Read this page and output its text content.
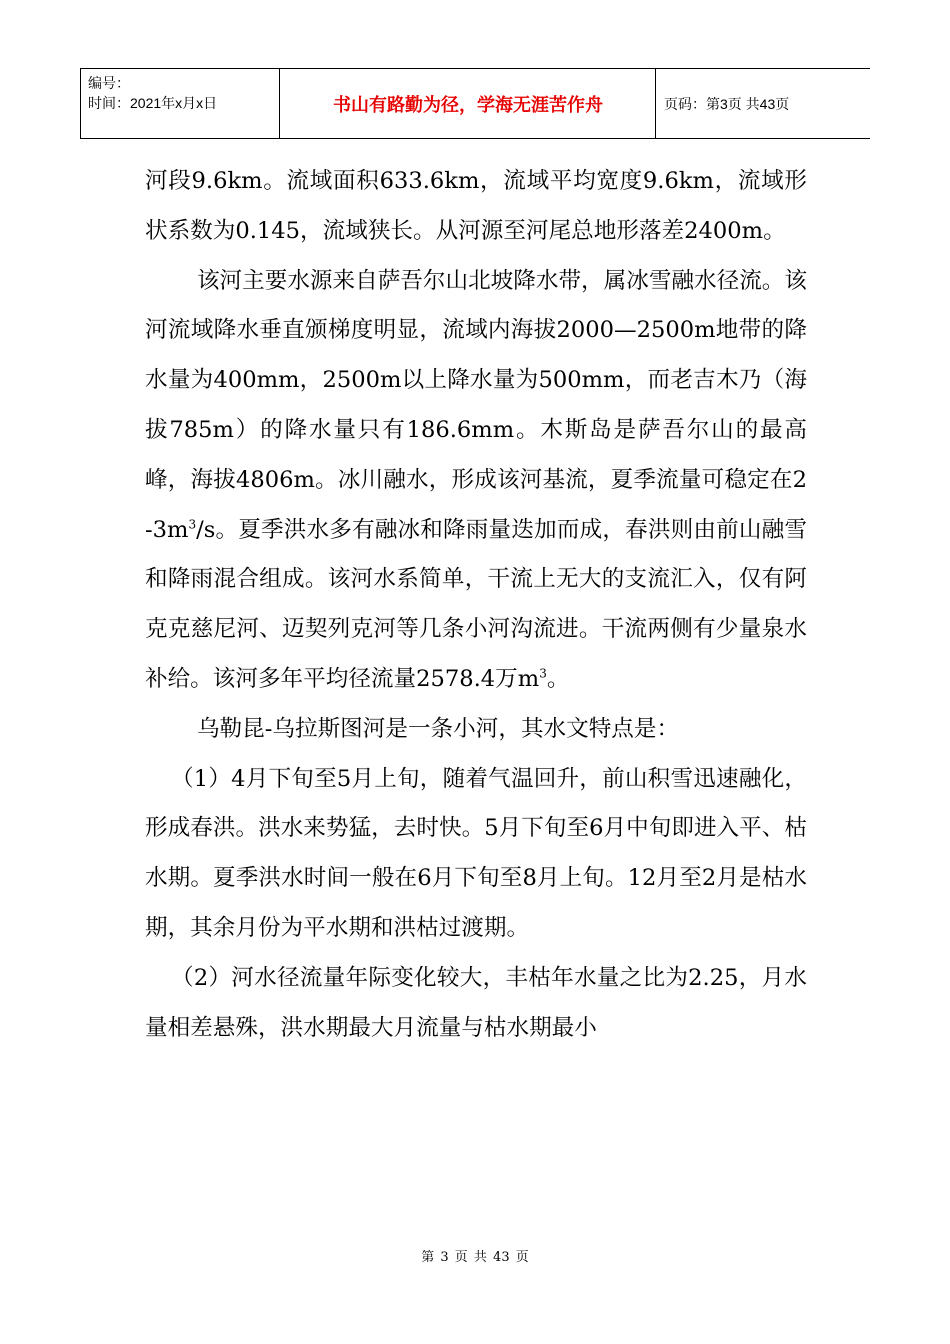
编号：
时间：2021年x月x日	书山有路勤为径，学海无涯苦作舟	页码：第3页 共43页

河段9.6km。流域面积633.6km，流域平均宽度9.6km，流域形状系数为0.145，流域狭长。从河源至河尾总地形落差2400m。

该河主要水源来自萨吾尔山北坡降水带，属冰雪融水径流。该河流域降水垂直颁梯度明显，流域内海拔2000—2500m地带的降水量为400mm，2500m以上降水量为500mm，而老吉木乃（海拔785m）的降水量只有186.6mm。木斯岛是萨吾尔山的最高峰，海拔4806m。冰川融水，形成该河基流，夏季流量可稳定在$2-3m^3/s$。夏季洪水多有融冰和降雨量迭加而成，春洪则由前山融雪和降雨混合组成。该河水系简单，干流上无大的支流汇入，仅有阿克克慈尼河、迈契列克河等几条小河沟流进。干流两侧有少量泉水补给。该河多年平均径流量2578.4万$m^3$。

乌勒昆-乌拉斯图河是一条小河，其水文特点是：

（1）4月下旬至5月上旬，随着气温回升，前山积雪迅速融化，形成春洪。洪水来势猛，去时快。5月下旬至6月中旬即进入平、枯水期。夏季洪水时间一般在6月下旬至8月上旬。12月至2月是枯水期，其余月份为平水期和洪枯过渡期。

（2）河水径流量年际变化较大，丰枯年水量之比为2.25，月水量相差悬殊，洪水期最大月流量与枯水期最小

第 3 页 共 43 页
